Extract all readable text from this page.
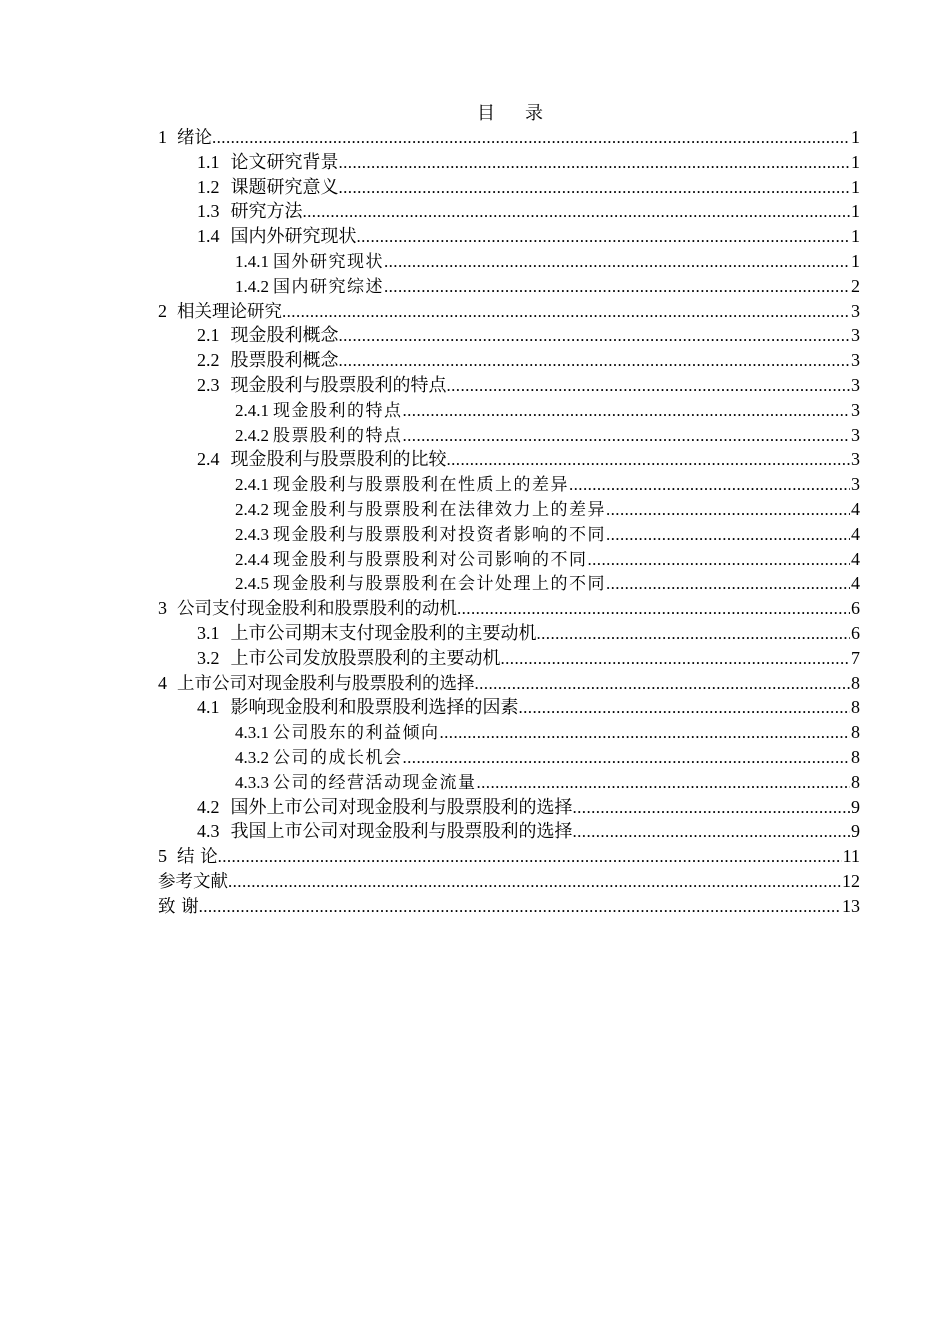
目 录
1 绪论 .....	1
1.1 论文研究背景 .....	1
1.2 课题研究意义 .....	1
1.3 研究方法 .....	1
1.4 国内外研究现状 .....	1
1.4.1 国外研究现状 .....	1
1.4.2 国内研究综述 .....	2
2 相关理论研究 .....	3
2.1 现金股利概念 .....	3
2.2 股票股利概念 .....	3
2.3 现金股利与股票股利的特点 .....	3
2.4.1 现金股利的特点 .....	3
2.4.2 股票股利的特点 .....	3
2.4 现金股利与股票股利的比较 .....	3
2.4.1 现金股利与股票股利在性质上的差异 .....	3
2.4.2 现金股利与股票股利在法律效力上的差异 .....	4
2.4.3 现金股利与股票股利对投资者影响的不同 .....	4
2.4.4 现金股利与股票股利对公司影响的不同 .....	4
2.4.5 现金股利与股票股利在会计处理上的不同 .....	4
3 公司支付现金股利和股票股利的动机 .....	6
3.1 上市公司期末支付现金股利的主要动机 .....	6
3.2 上市公司发放股票股利的主要动机 .....	7
4 上市公司对现金股利与股票股利的选择 .....	8
4.1 影响现金股利和股票股利选择的因素 .....	8
4.3.1 公司股东的利益倾向 .....	8
4.3.2 公司的成长机会 .....	8
4.3.3 公司的经营活动现金流量 .....	8
4.2 国外上市公司对现金股利与股票股利的选择 .....	9
4.3 我国上市公司对现金股利与股票股利的选择 .....	9
5 结 论 .....	11
参考文献 .....	12
致 谢 .....	13
